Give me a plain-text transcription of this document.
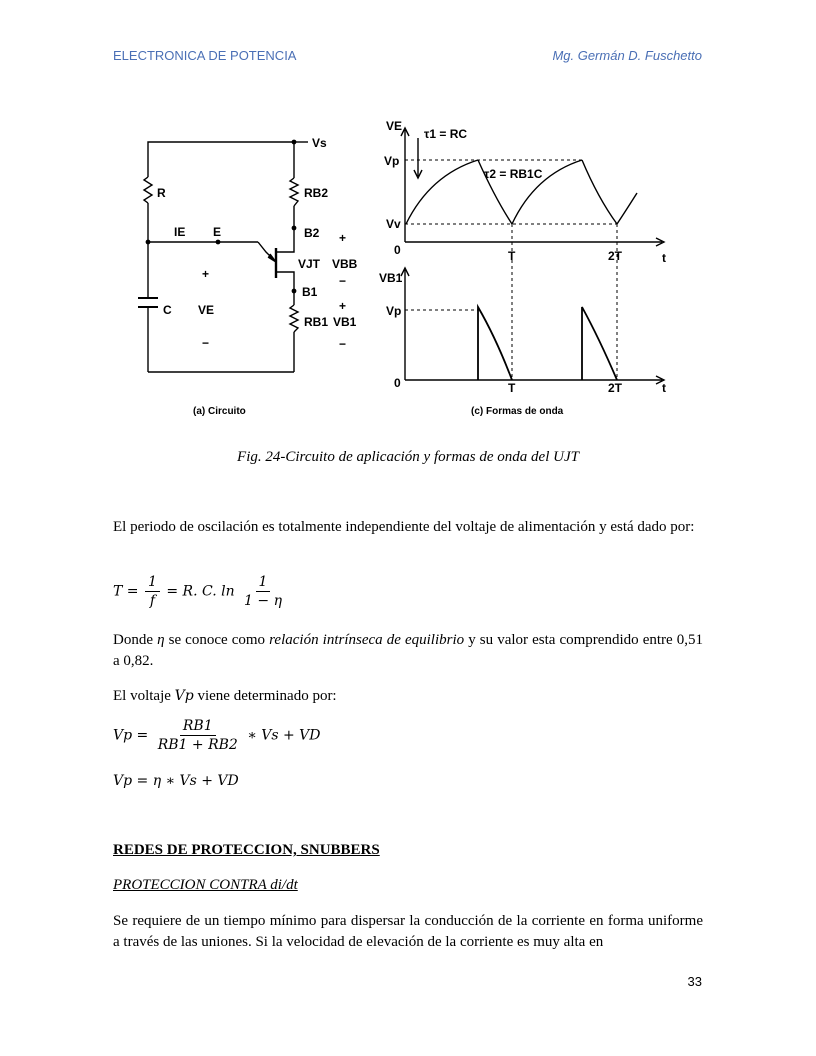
ELECTRONICA DE POTENCIA	Mg. Germán D. Fuschetto
Vs
R	RB2
IE E	B2
VJT VBB
B1
C VE
RB1 VB1
+
−
+
−
+
−
VE
τ1 = RC
Vp
τ2 = RB1C
Vv
0	T	2T	t
VB1
Vp
0	T	2T	t
(a) Circuito	(c) Formas de onda
Fig. 24-Circuito de aplicación y formas de onda del UJT
El periodo de oscilación es totalmente independiente del voltaje de alimentación y está dado por:
$T = \frac{1}{f} = R$. C. $\ln \frac{1}{1 - \eta}$
Donde η se conoce como relación intrínseca de equilibrio y su valor esta comprendido entre 0,51 a 0,82.
El voltaje Vp viene determinado por:
$Vp = \frac{RB1}{RB1 + RB2}$ ∗ Vs + VD
Vp = η ∗ Vs + VD
REDES DE PROTECCION, SNUBBERS
PROTECCION CONTRA di/dt
Se requiere de un tiempo mínimo para dispersar la conducción de la corriente en forma uniforme a través de las uniones. Si la velocidad de elevación de la corriente es muy alta en
33
